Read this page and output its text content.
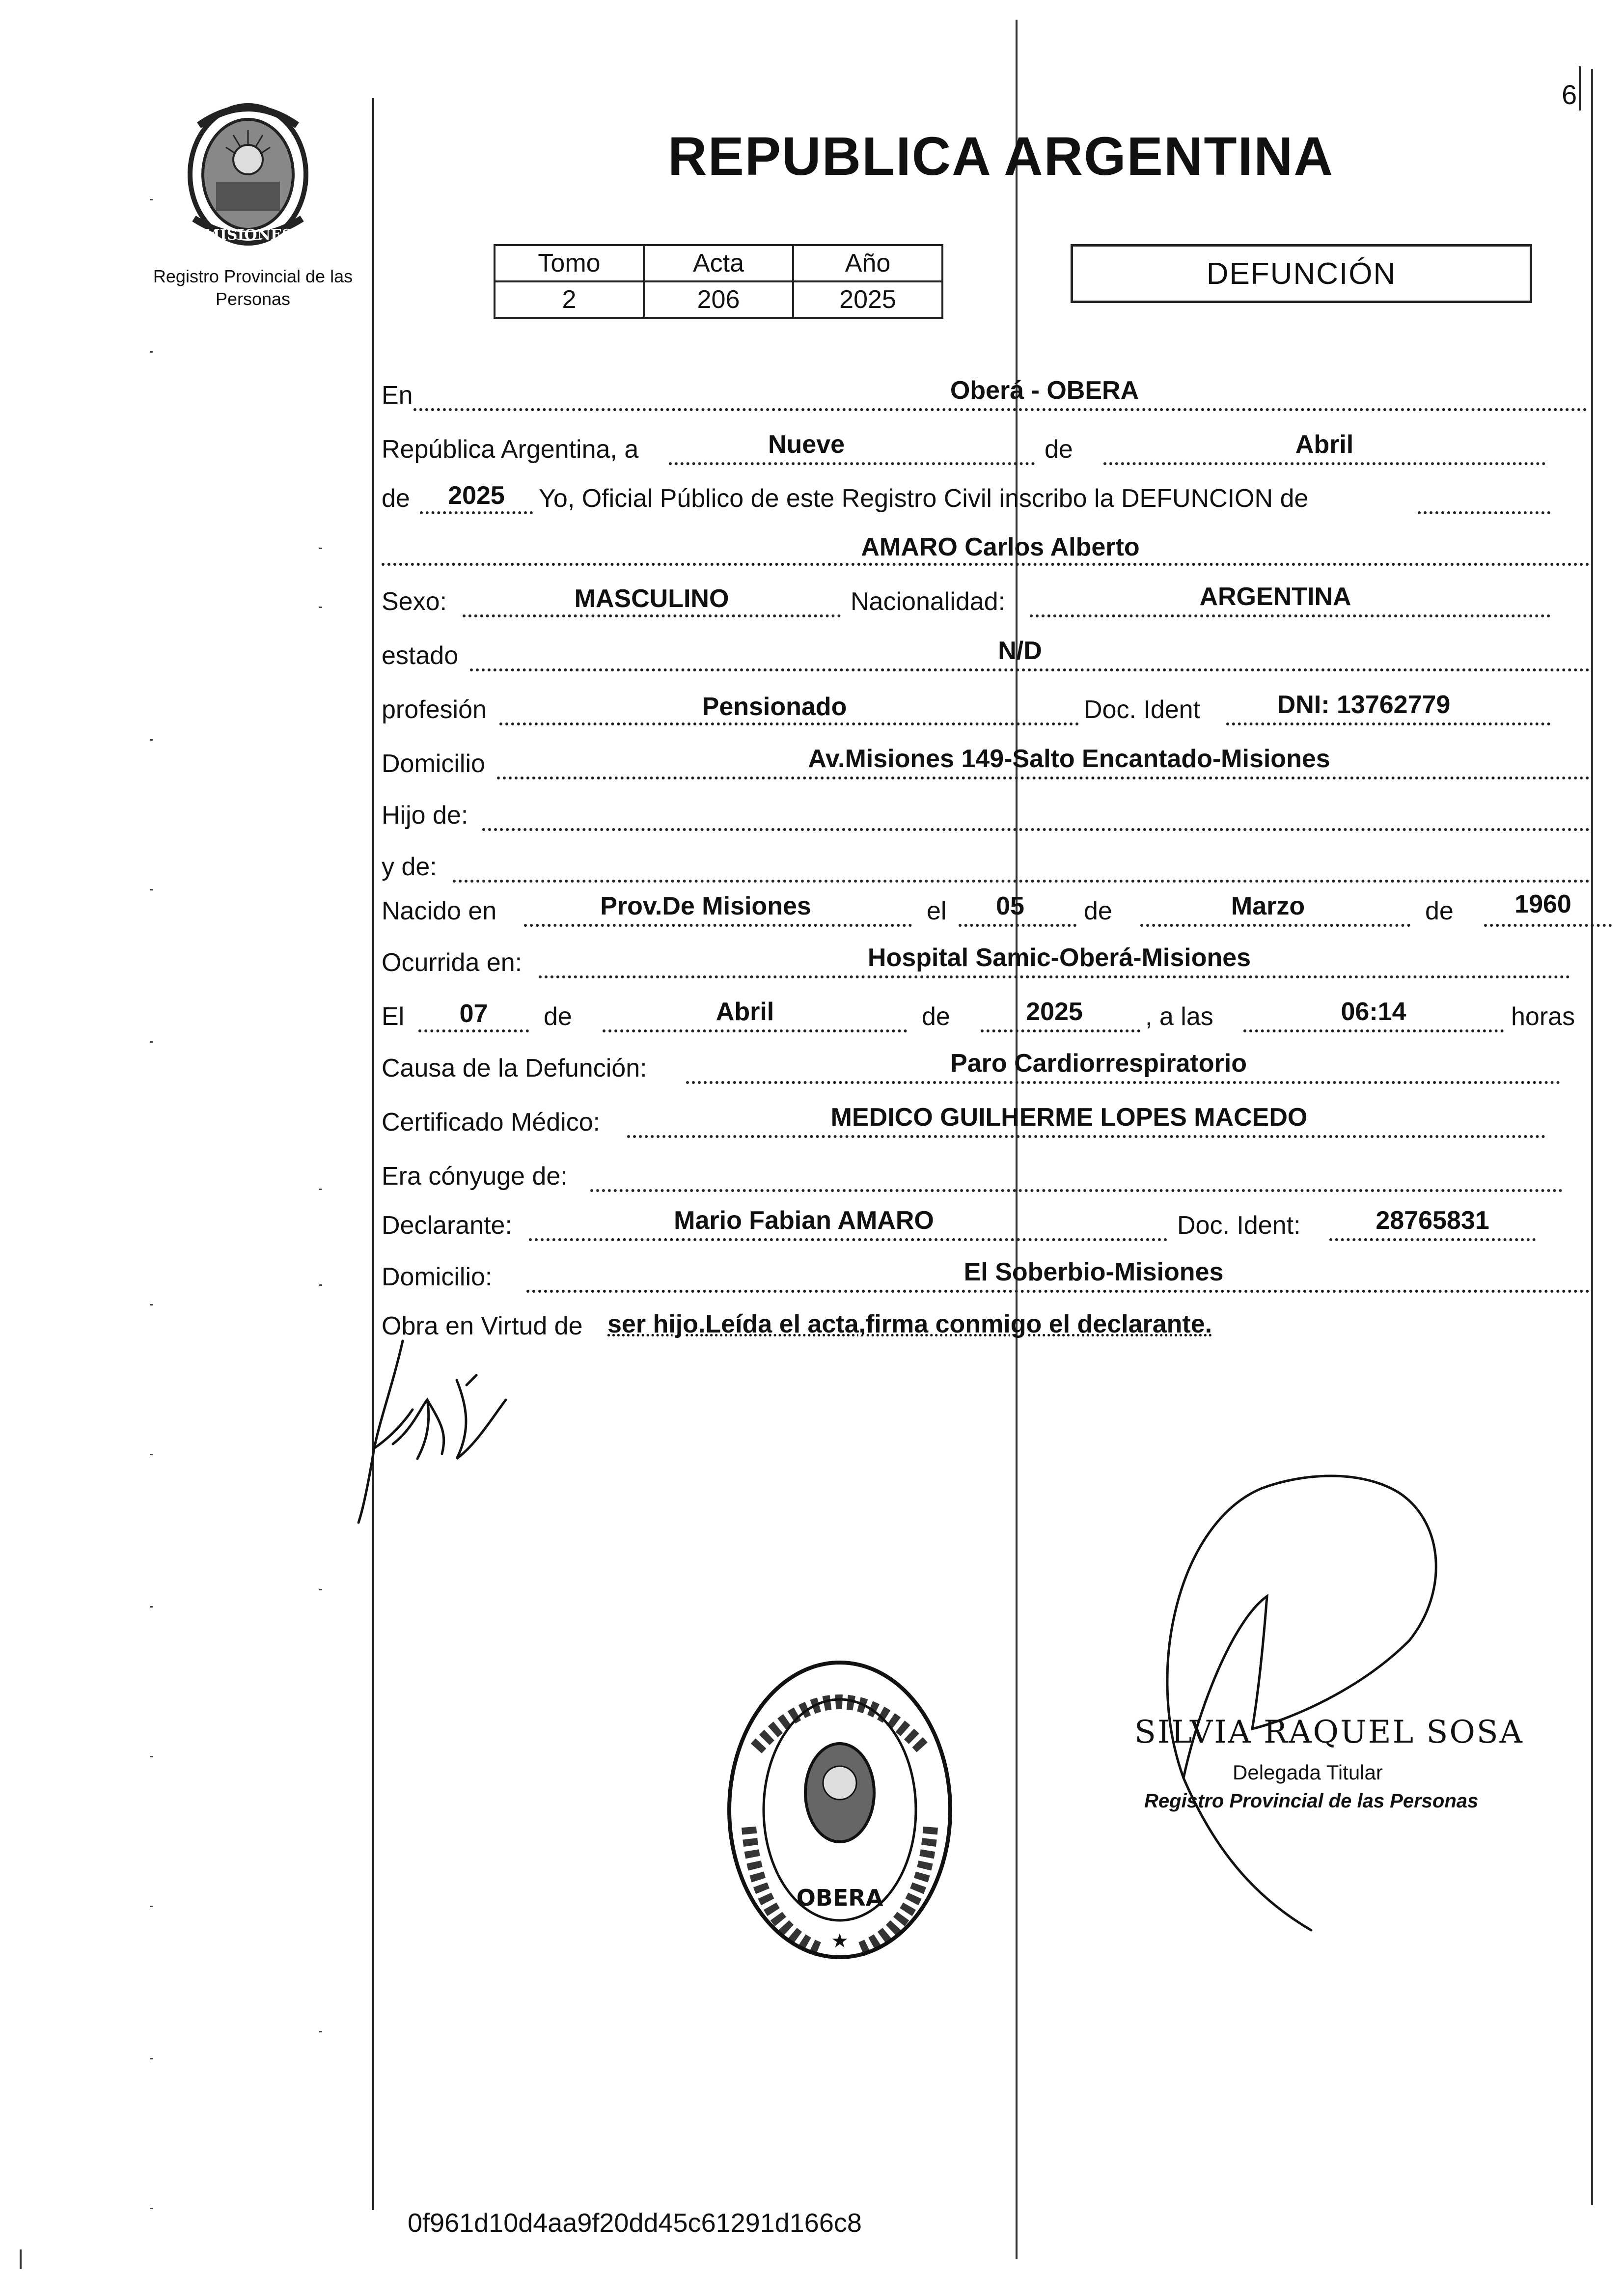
6
MISIONES
Registro Provincial de las Personas
REPUBLICA ARGENTINA
Tomo	Acta	Año
2	206	2025
DEFUNCIÓN
En	Oberá - OBERA
República Argentina, a	Nueve	de	Abril
de	2025	Yo, Oficial Público de este Registro Civil inscribo la DEFUNCION de
AMARO Carlos Alberto
Sexo:	MASCULINO	Nacionalidad:	ARGENTINA
estado	N/D
profesión	Pensionado	Doc. Ident	DNI: 13762779
Domicilio	Av.Misiones 149-Salto Encantado-Misiones
Hijo de:
y de:
Nacido en	Prov.De Misiones	el	05	de	Marzo	de	1960
Ocurrida en:	Hospital Samic-Oberá-Misiones
El	07	de	Abril	de	2025	, a las	06:14	horas
Causa de la Defunción:	Paro Cardiorrespiratorio
Certificado Médico:	MEDICO GUILHERME LOPES MACEDO
Era cónyuge de:
Declarante:	Mario Fabian AMARO	Doc. Ident:	28765831
Domicilio:	El Soberbio-Misiones
Obra en Virtud de ser hijo.Leída el acta,firma conmigo el declarante.
OBERA
★
SILVIA RAQUEL SOSA
Delegada Titular
Registro Provincial de las Personas
0f961d10d4aa9f20dd45c61291d166c8
